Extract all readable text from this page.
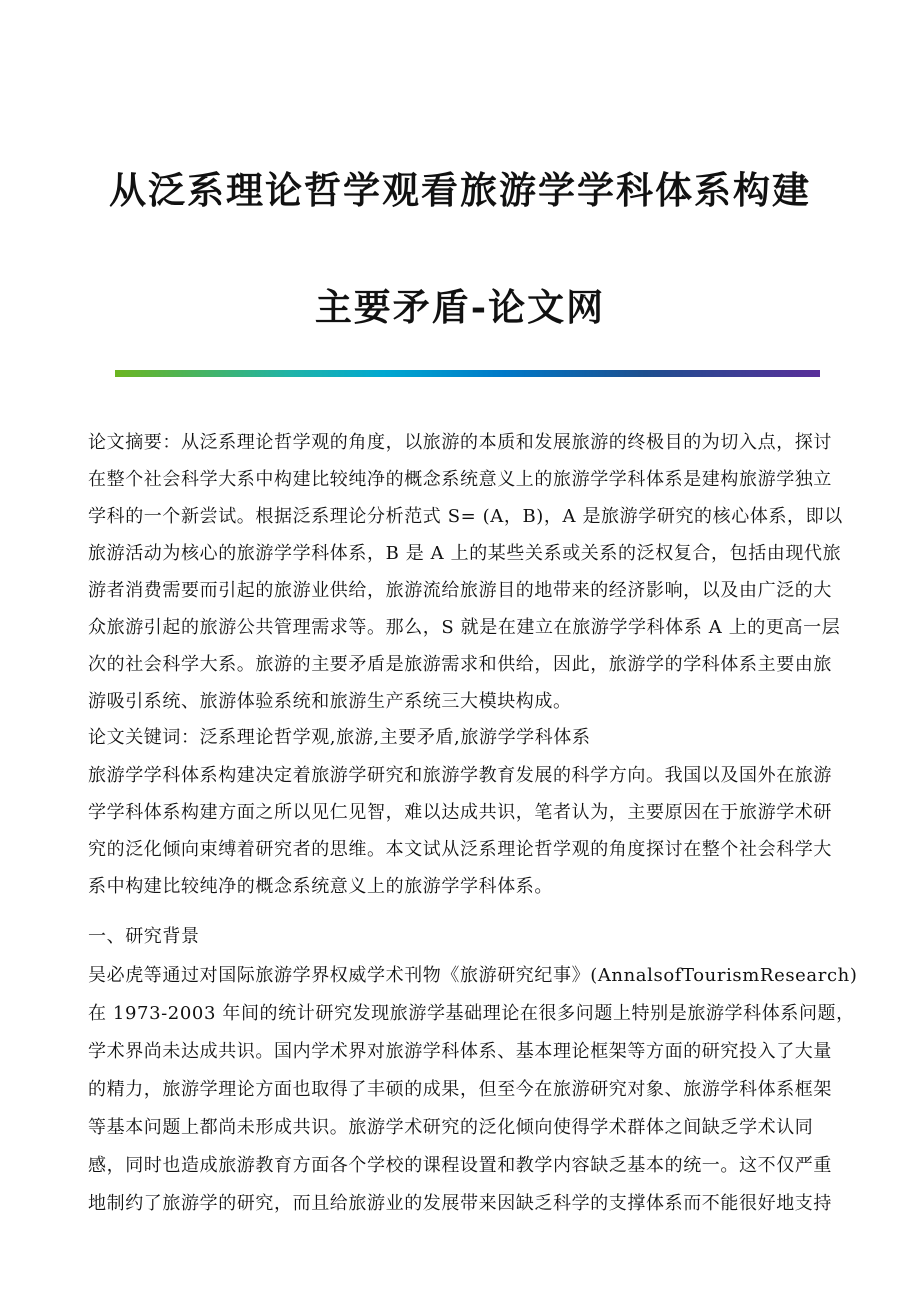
从泛系理论哲学观看旅游学学科体系构建
主要矛盾-论文网
论文摘要：从泛系理论哲学观的角度，以旅游的本质和发展旅游的终极目的为切入点，探讨
在整个社会科学大系中构建比较纯净的概念系统意义上的旅游学学科体系是建构旅游学独立
学科的一个新尝试。根据泛系理论分析范式 S= (A，B)，A 是旅游学研究的核心体系，即以
旅游活动为核心的旅游学学科体系，B 是 A 上的某些关系或关系的泛权复合，包括由现代旅
游者消费需要而引起的旅游业供给，旅游流给旅游目的地带来的经济影响，以及由广泛的大
众旅游引起的旅游公共管理需求等。那么，S 就是在建立在旅游学学科体系 A 上的更高一层
次的社会科学大系。旅游的主要矛盾是旅游需求和供给，因此，旅游学的学科体系主要由旅
游吸引系统、旅游体验系统和旅游生产系统三大模块构成。
论文关键词：泛系理论哲学观,旅游,主要矛盾,旅游学学科体系
旅游学学科体系构建决定着旅游学研究和旅游学教育发展的科学方向。我国以及国外在旅游
学学科体系构建方面之所以见仁见智，难以达成共识，笔者认为，主要原因在于旅游学术研
究的泛化倾向束缚着研究者的思维。本文试从泛系理论哲学观的角度探讨在整个社会科学大
系中构建比较纯净的概念系统意义上的旅游学学科体系。
一、研究背景
吴必虎等通过对国际旅游学界权威学术刊物《旅游研究纪事》(AnnalsofTourismResearch)
在 1973-2003 年间的统计研究发现旅游学基础理论在很多问题上特别是旅游学科体系问题，
学术界尚未达成共识。国内学术界对旅游学科体系、基本理论框架等方面的研究投入了大量
的精力，旅游学理论方面也取得了丰硕的成果，但至今在旅游研究对象、旅游学科体系框架
等基本问题上都尚未形成共识。旅游学术研究的泛化倾向使得学术群体之间缺乏学术认同
感，同时也造成旅游教育方面各个学校的课程设置和教学内容缺乏基本的统一。这不仅严重
地制约了旅游学的研究，而且给旅游业的发展带来因缺乏科学的支撑体系而不能很好地支持
